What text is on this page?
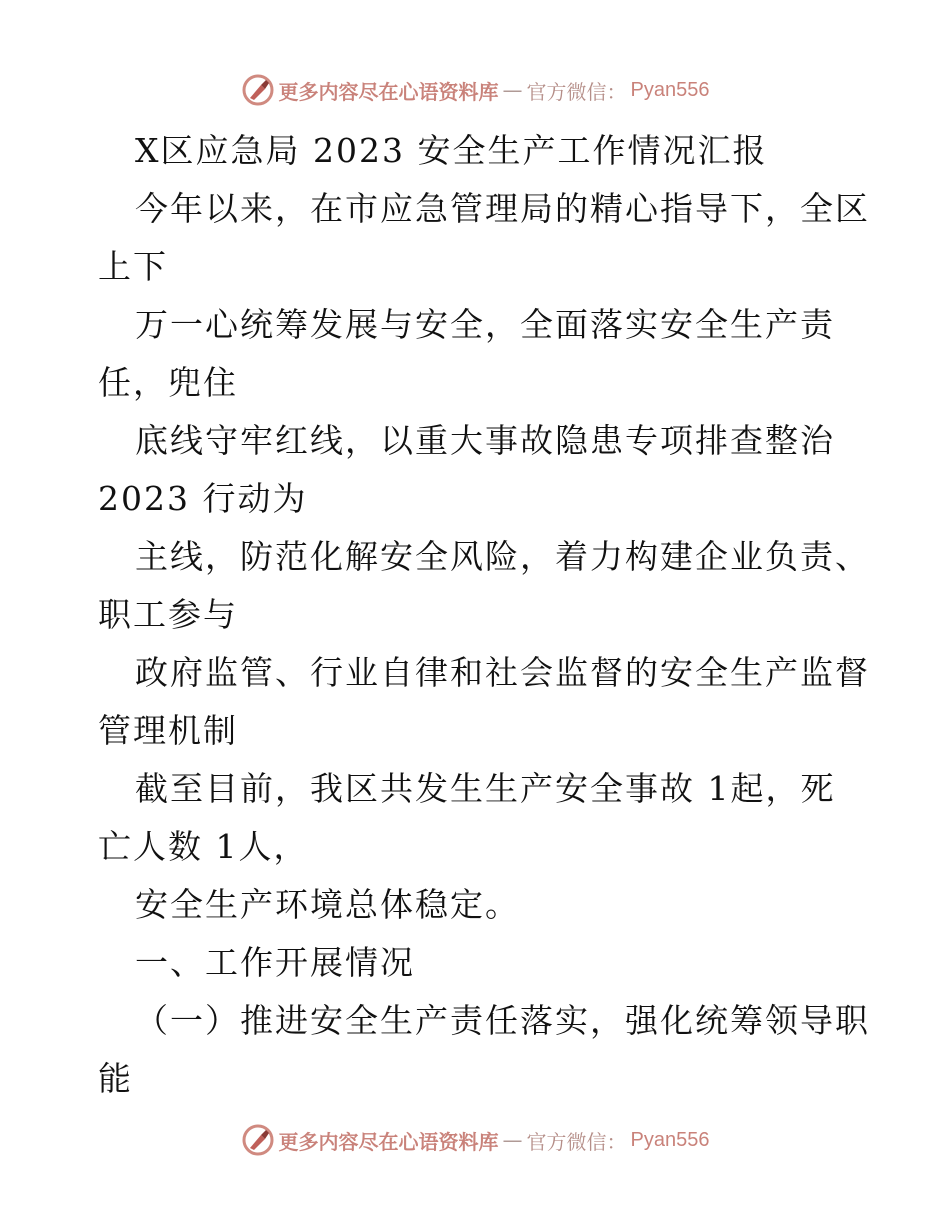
更多内容尽在心语资料库 — 官方微信： Pyan556
X区应急局 2023 安全生产工作情况汇报
今年以来，在市应急管理局的精心指导下，全区
上下
万一心统筹发展与安全，全面落实安全生产责
任，兜住
底线守牢红线，以重大事故隐患专项排查整治
2023 行动为
主线，防范化解安全风险，着力构建企业负责、
职工参与
政府监管、行业自律和社会监督的安全生产监督
管理机制
截至目前，我区共发生生产安全事故 1起，死
亡人数 1人，
安全生产环境总体稳定。
一、工作开展情况
（一）推进安全生产责任落实，强化统筹领导职
能
更多内容尽在心语资料库 — 官方微信： Pyan556
